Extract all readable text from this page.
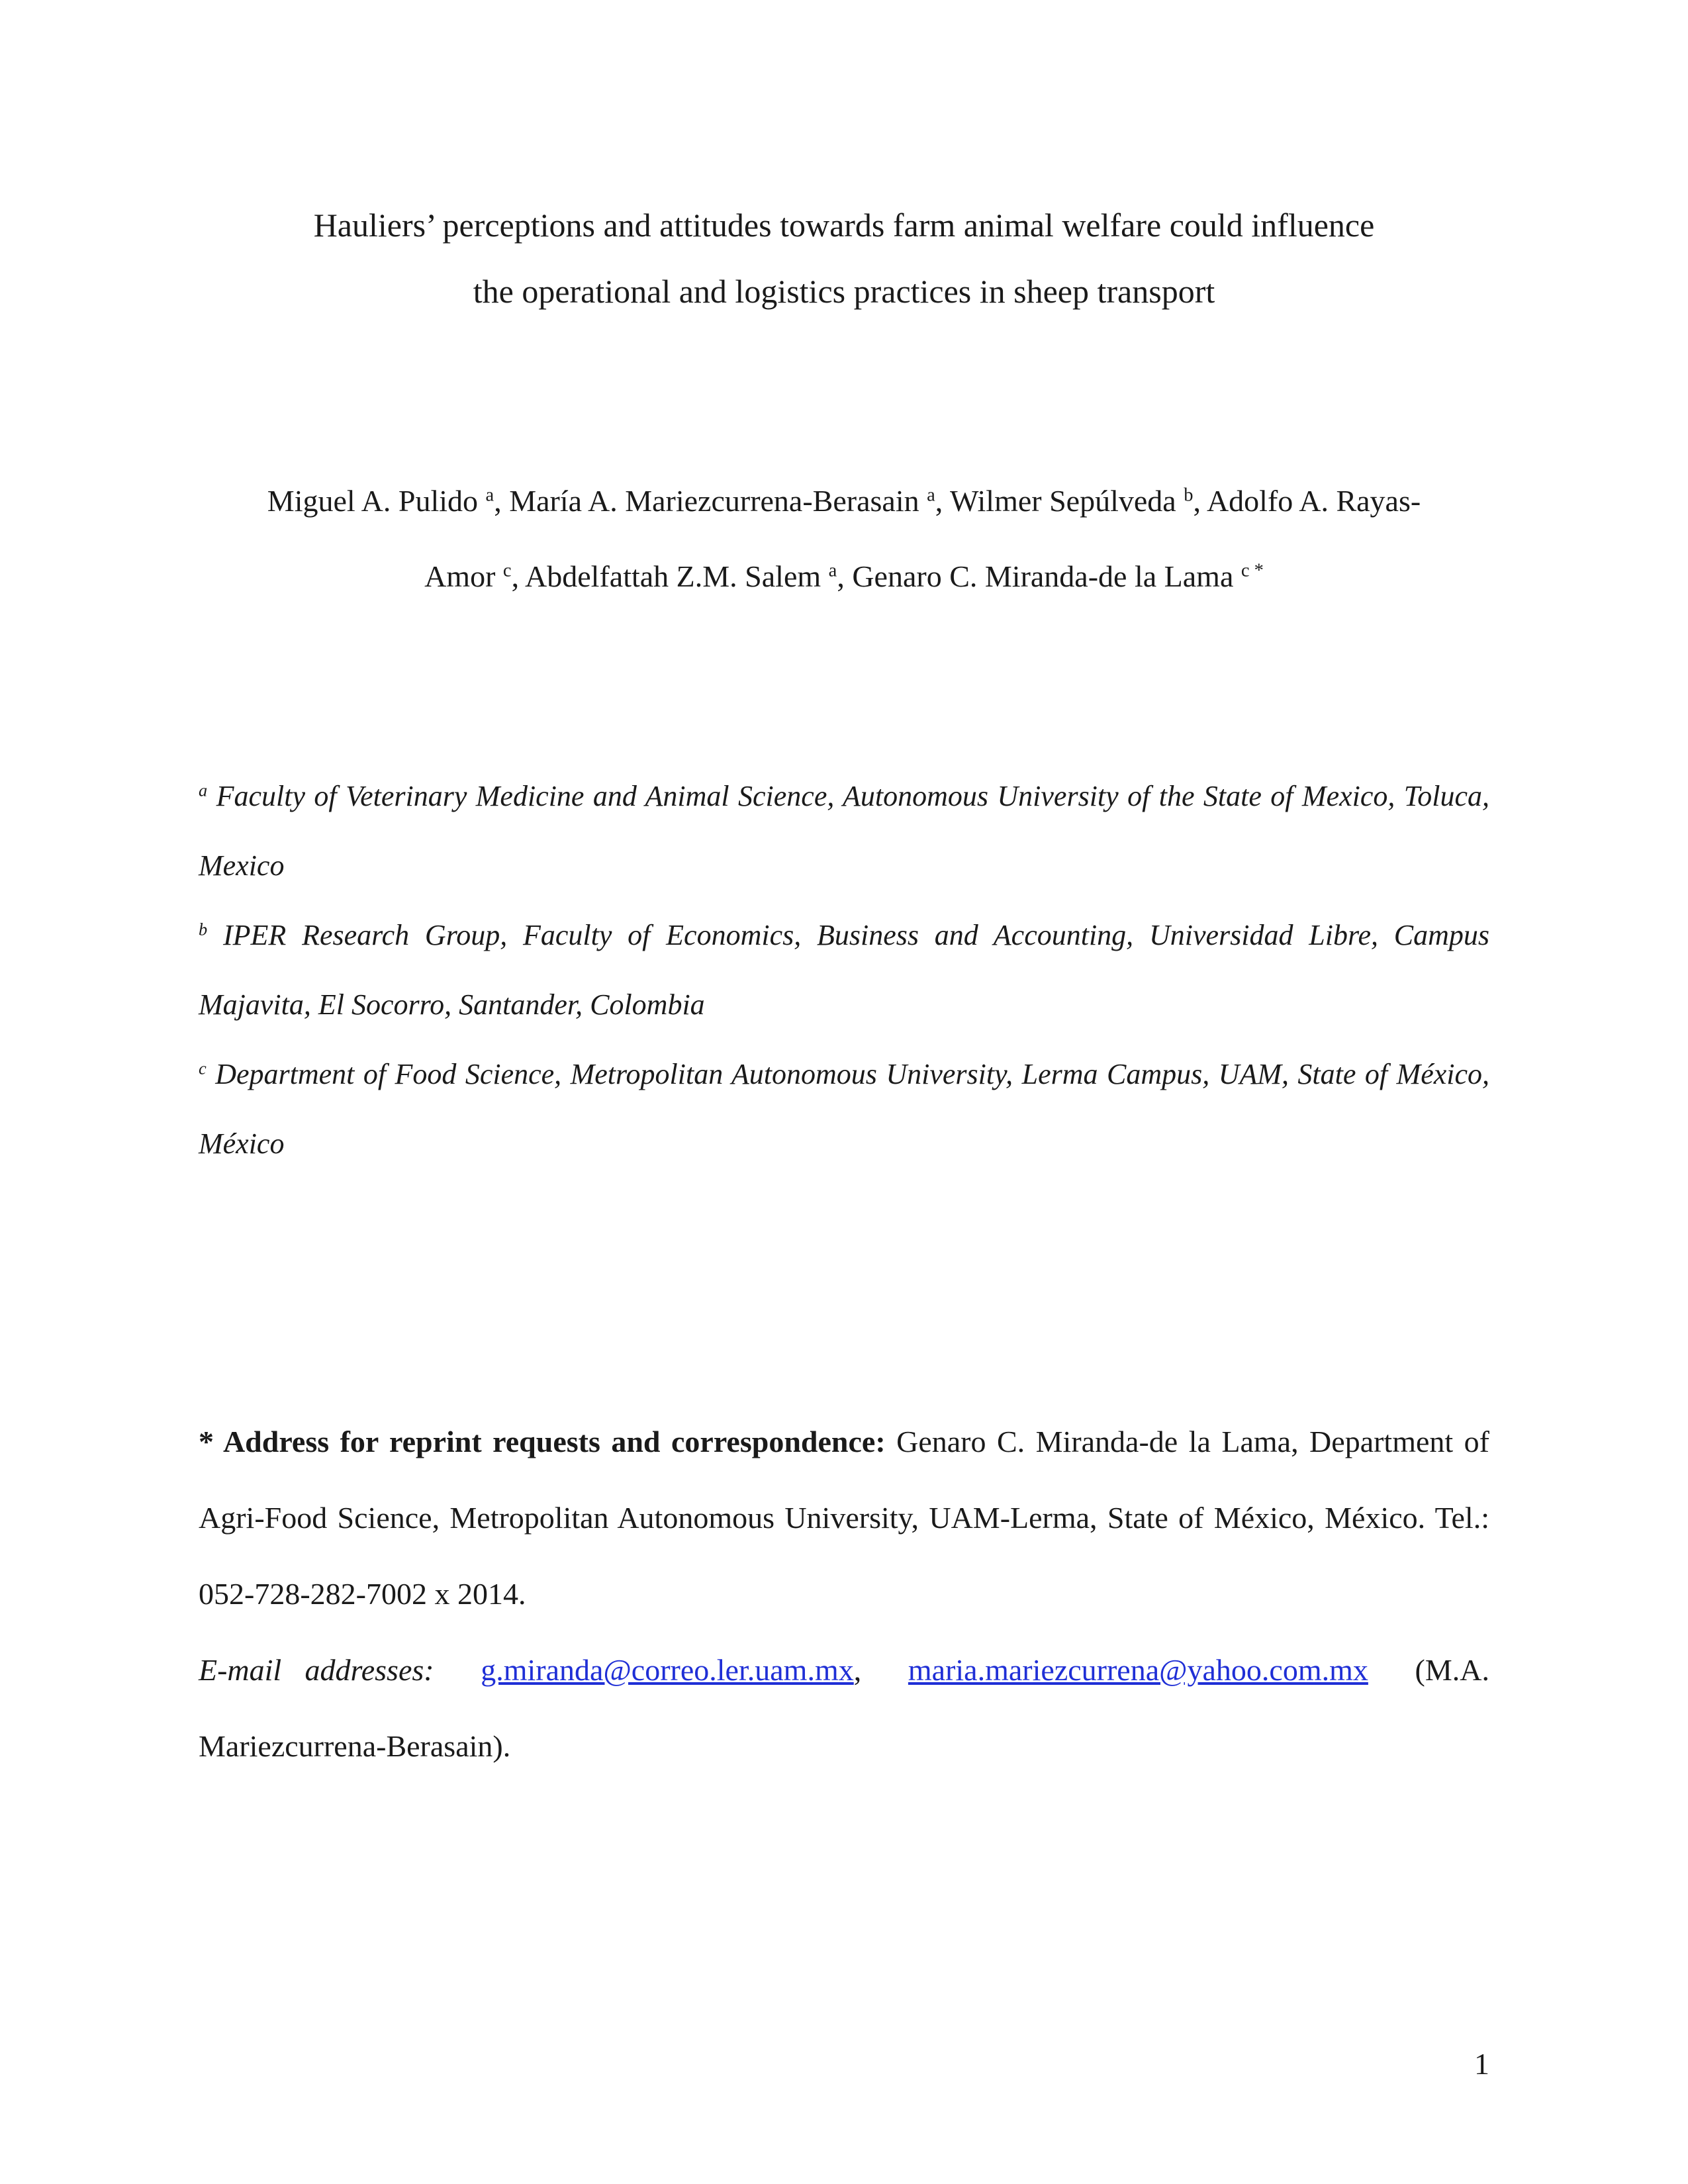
Hauliers’ perceptions and attitudes towards farm animal welfare could influence
the operational and logistics practices in sheep transport
Miguel A. Pulido $^a$, María A. Mariezcurrena-Berasain $^a$, Wilmer Sepúlveda $^b$, Adolfo A. Rayas-
Amor $^c$, Abdelfattah Z.M. Salem $^a$, Genaro C. Miranda-de la Lama $^{c *}$
$^a$ Faculty of Veterinary Medicine and Animal Science, Autonomous University of the State of Mexico, Toluca, Mexico
$^b$ IPER Research Group, Faculty of Economics, Business and Accounting, Universidad Libre, Campus Majavita, El Socorro, Santander, Colombia
$^c$ Department of Food Science, Metropolitan Autonomous University, Lerma Campus, UAM, State of México, México

* Address for reprint requests and correspondence: Genaro C. Miranda-de la Lama, Department of Agri-Food Science, Metropolitan Autonomous University, UAM-Lerma, State of México, México. Tel.: 052-728-282-7002 x 2014.

E-mail addresses: g.miranda@correo.ler.uam.mx, maria.mariezcurrena@yahoo.com.mx (M.A. Mariezcurrena-Berasain).

1
